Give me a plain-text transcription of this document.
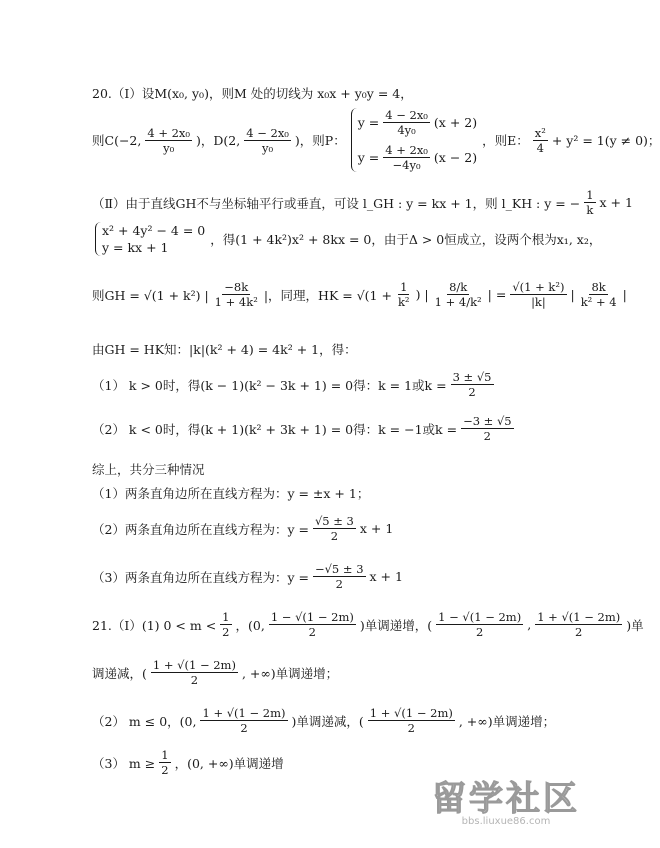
20.（Ⅰ）设M(x₀, y₀)，则M 处的切线为 x₀x + y₀y = 4，
则C(−2, $\frac{\text{4 + 2x₀}}{\text{y₀}}$ )，D(2, $\frac{\text{4 − 2x₀}}{\text{y₀}}$ )，则P：
$y = \frac{\text{4 − 2x₀}}{\text{4y₀}} (x + 2)$
$y = \frac{\text{4 + 2x₀}}{\text{−4y₀}} (x - 2)$
，则E： $\frac{\text{x²}}{4} + y^2 = 1(y \ne 0)$；
（Ⅱ）由于直线GH不与坐标轴平行或垂直，可设 l_GH : y = kx + 1，则 l_KH : y = − $\frac{1}{k}$ x + 1
x² + 4y² − 4 = 0
y = kx + 1
，得(1 + 4k²)x² + 8kx = 0，由于Δ > 0恒成立，设两个根为x₁, x₂，
则GH = √(1 + k²) | $\frac{-8k}{\text{1 + 4k²}}$ |，同理，HK = $√(1 + \frac{1}{\text{k²}}$ ) | $\frac{8/k}{\text{1 + 4/k²}}$ | = $\frac{\text{√(1 + k²)}}{|k|}$ | $\frac{8k}{\text{k² + 4}}$ |
由GH = HK知：|k|(k² + 4) = 4k² + 1，得：
（1） k > 0时，得(k − 1)(k² − 3k + 1) = 0得：k = 1或$k = \frac{3 \pm √5}{2}$
（2） k < 0时，得(k + 1)(k² + 3k + 1) = 0得：k = −1或$k = \frac{-3 \pm √5}{2}$
综上，共分三种情况
（1）两条直角边所在直线方程为：y = ±x + 1；
（2）两条直角边所在直线方程为：$y = \frac{√5 \pm 3}{2}$ x + 1
（3）两条直角边所在直线方程为：$y = \frac{-√5 \pm 3}{2}$ x + 1
21.（Ⅰ）(1) $0 < m < \frac{1}{2}$ ，(0, $\frac{1 - √(1 - 2m)}{2}$ )单调递增，( $\frac{1 - √(1 - 2m)}{2}$ , $\frac{1 + √(1 - 2m)}{2}$ )单
调递减，( $\frac{1 + √(1 - 2m)}{2}$ , +∞)单调递增；
（2） m ≤ 0，(0, $\frac{1 + √(1 - 2m)}{2}$ )单调递减，( $\frac{1 + √(1 - 2m)}{2}$ , +∞)单调递增；
（3） $m \ge \frac{1}{2}$ ，(0, +∞)单调递增
留学社区
bbs.liuxue86.com
